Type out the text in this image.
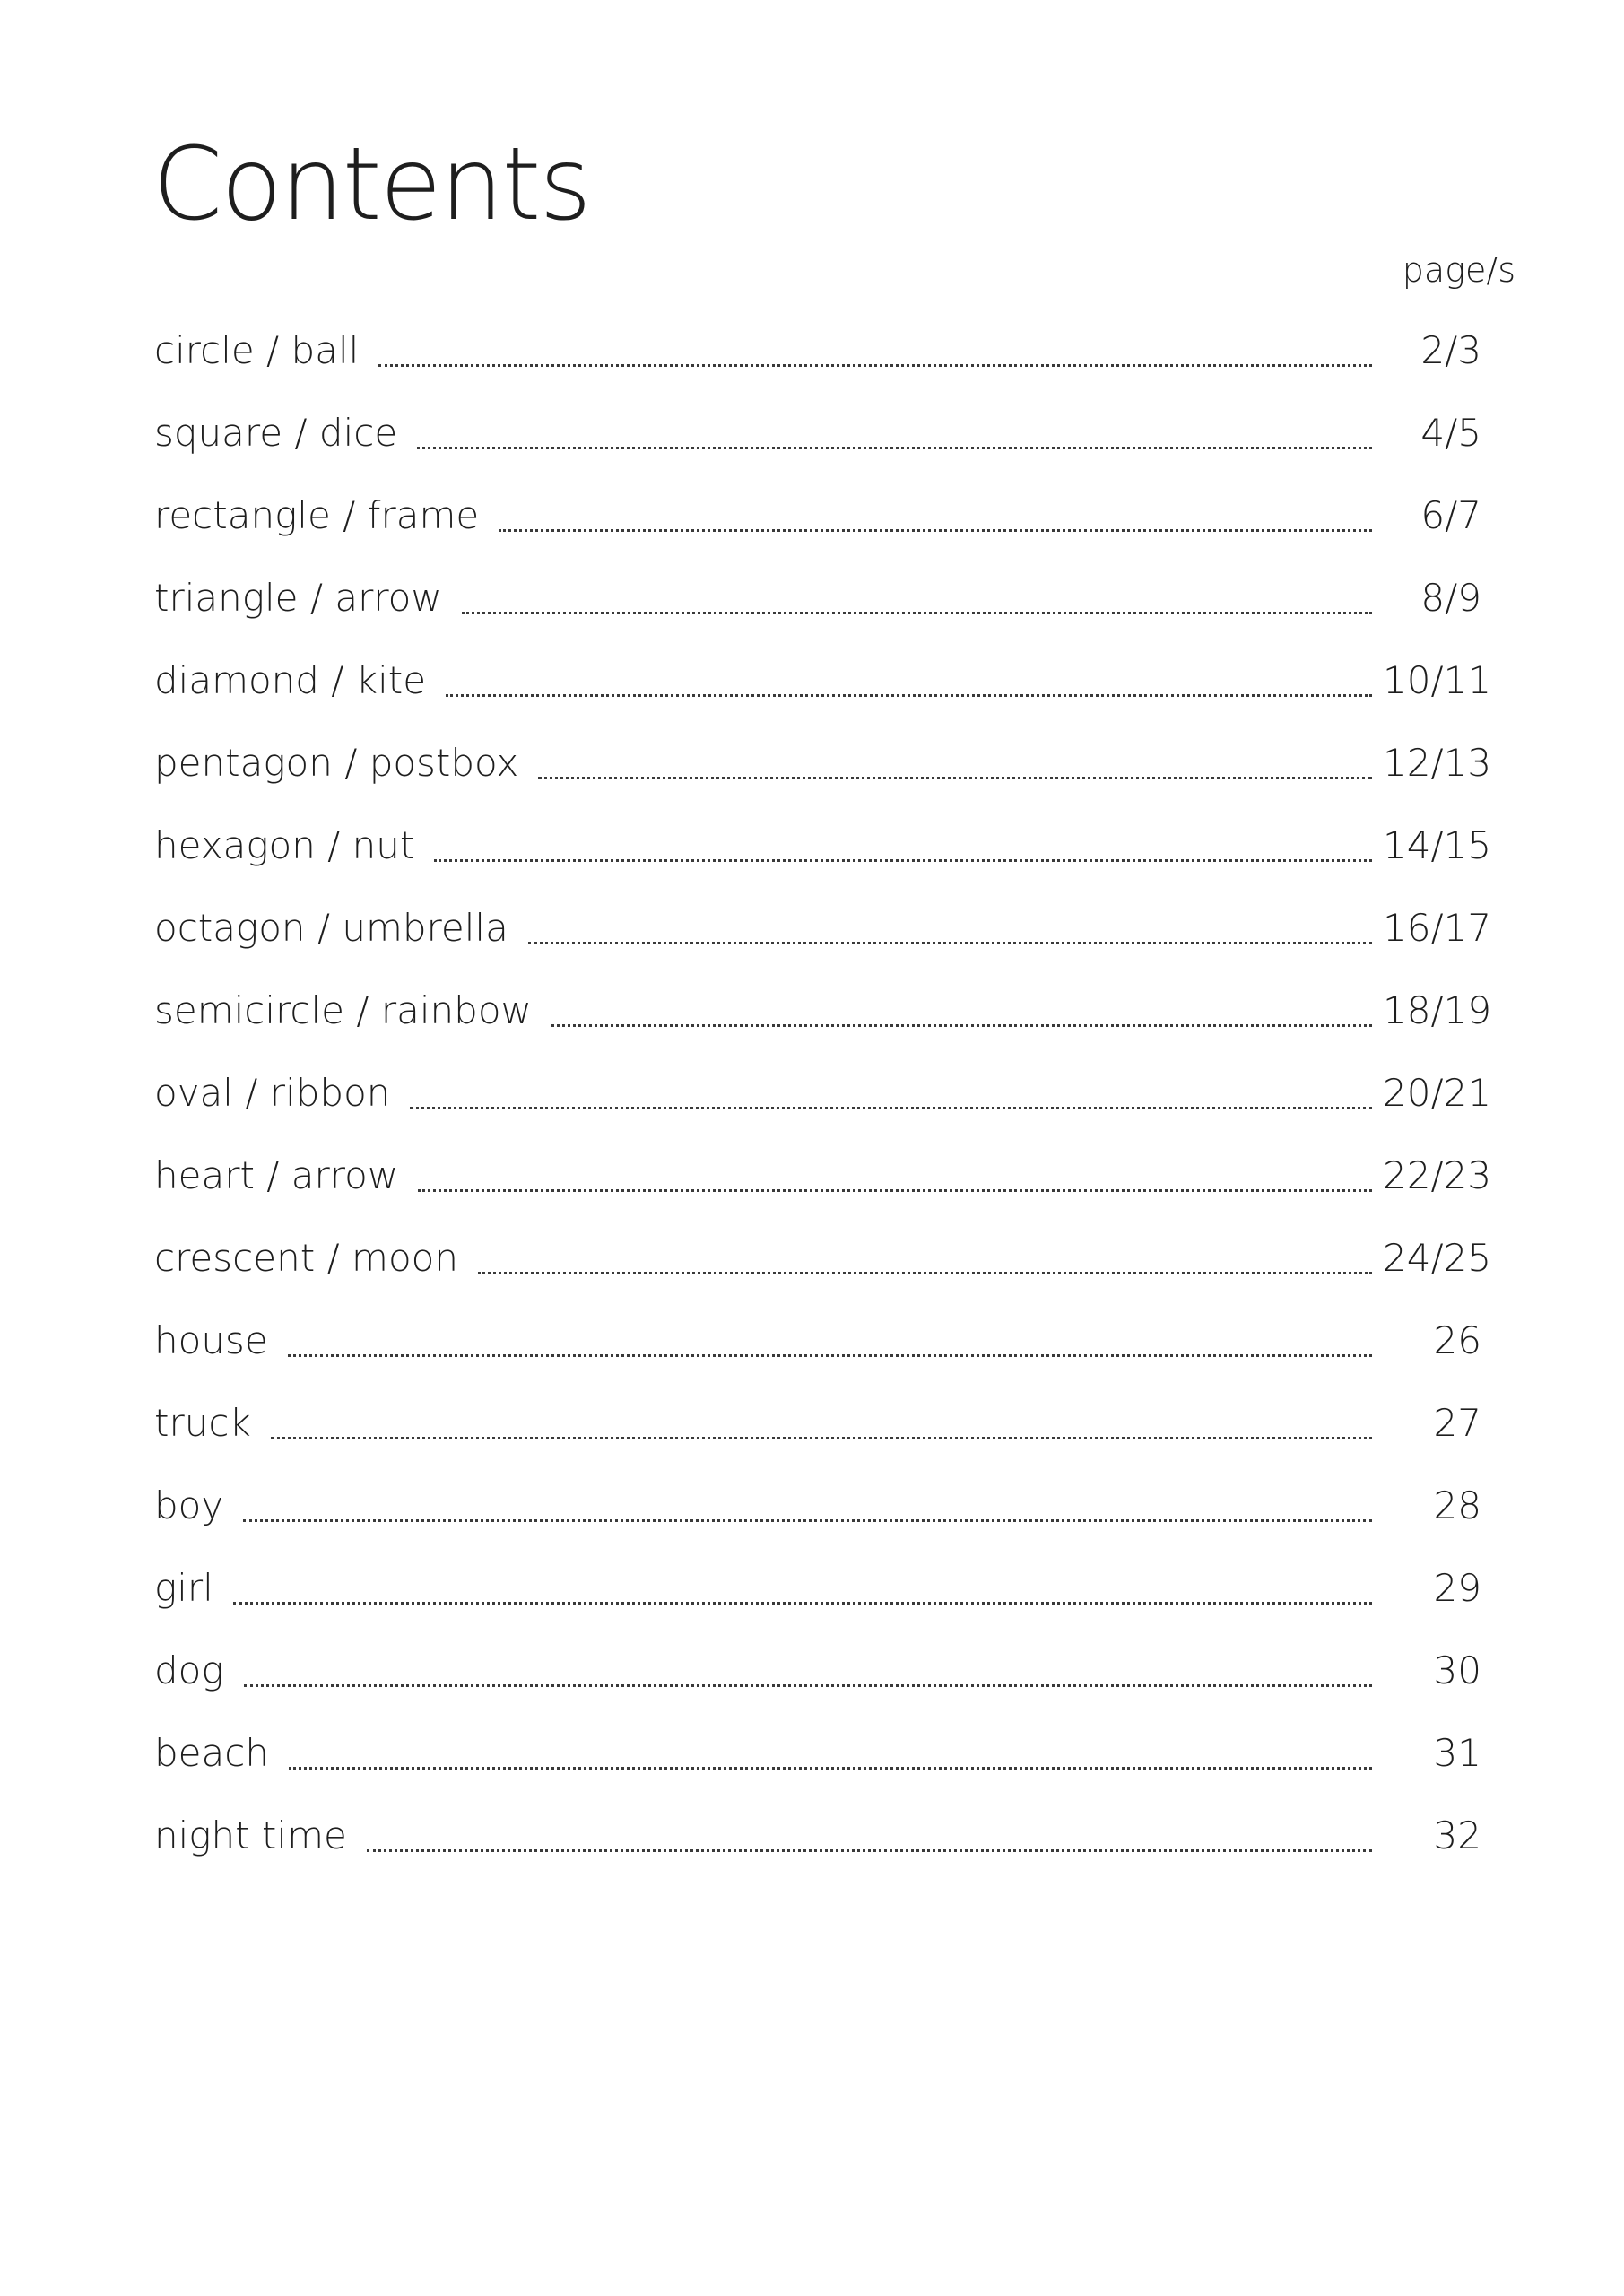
Contents
page/s
circle / ball	2/3
square / dice	4/5
rectangle / frame	6/7
triangle / arrow	8/9
diamond / kite	10/11
pentagon / postbox	12/13
hexagon / nut	14/15
octagon / umbrella	16/17
semicircle / rainbow	18/19
oval / ribbon	20/21
heart / arrow	22/23
crescent / moon	24/25
house	26
truck	27
boy	28
girl	29
dog	30
beach	31
night time	32
